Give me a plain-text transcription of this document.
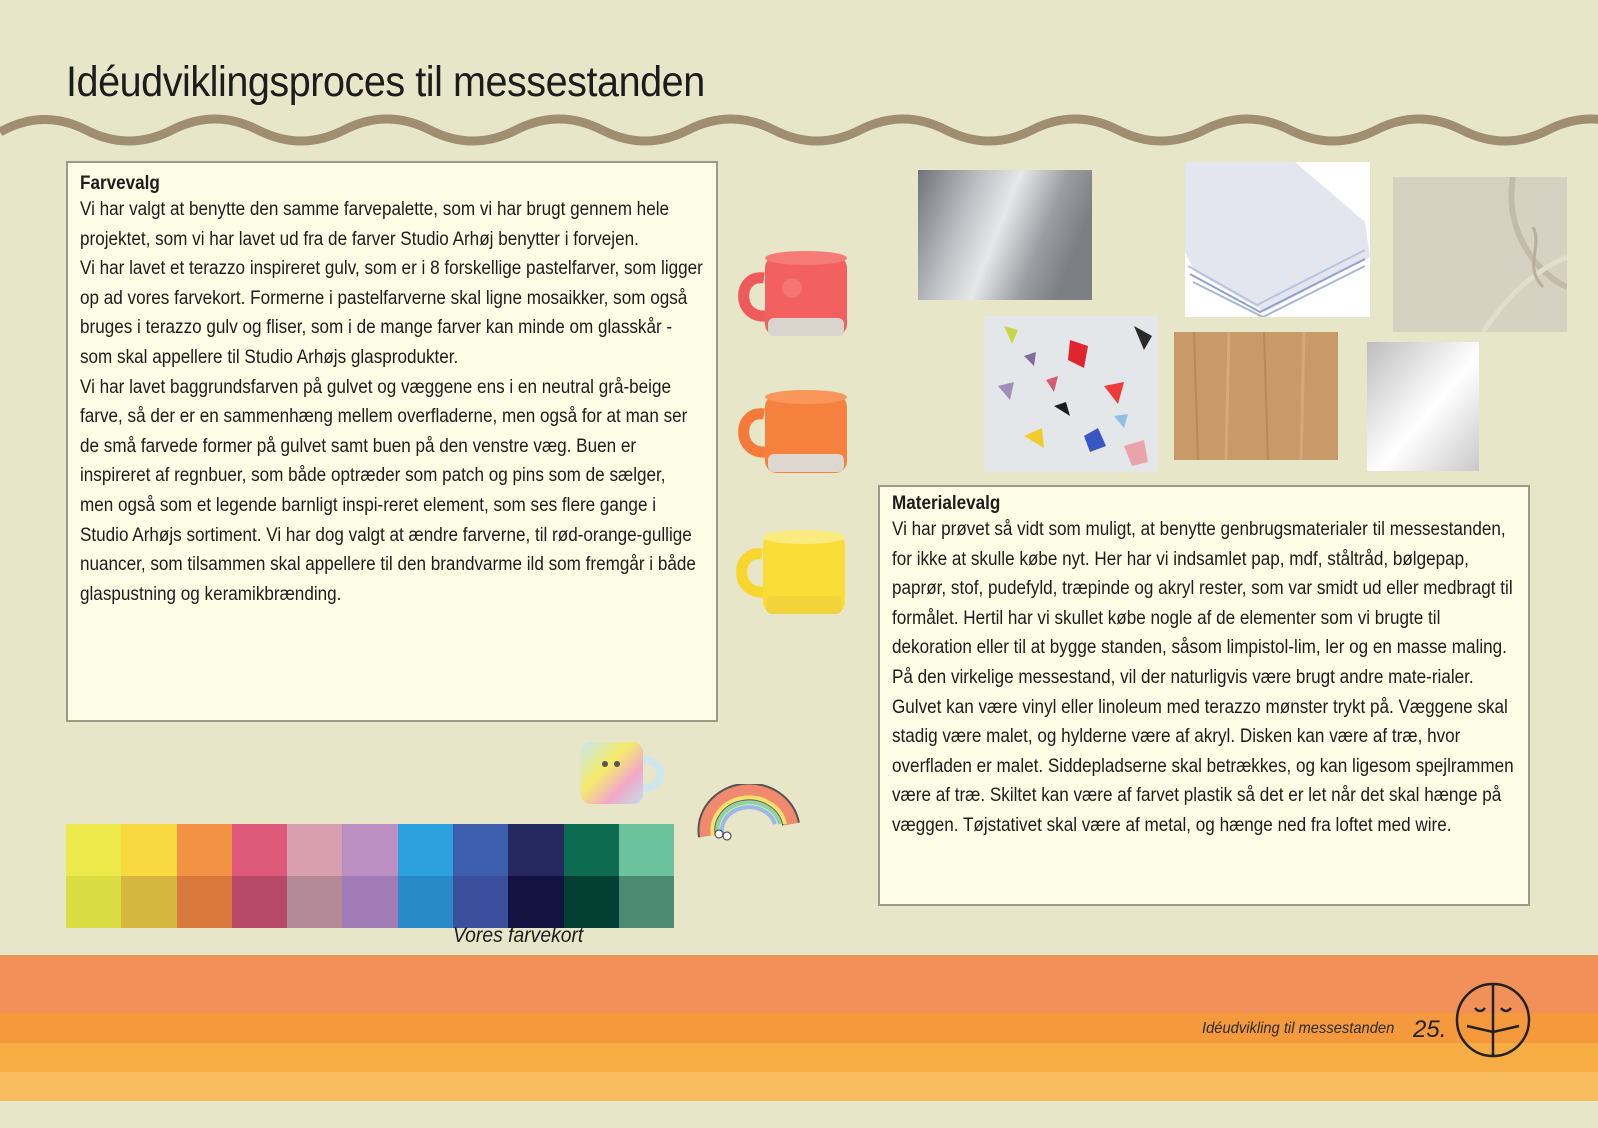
Idéudviklingsproces til messestanden
Farvevalg

Vi har valgt at benytte den samme farvepalette, som vi har brugt gennem hele projektet, som vi har lavet ud fra de farver Studio Arhøj benytter i forvejen.

Vi har lavet et terazzo inspireret gulv, som er i 8 forskellige pastelfarver, som ligger op ad vores farvekort. Formerne i pastelfarverne skal ligne mosaikker, som også bruges i terazzo gulv og fliser, som i de mange farver kan minde om glasskår - som skal appellere til Studio Arhøjs glasprodukter.

Vi har lavet baggrundsfarven på gulvet og væggene ens i en neutral grå-beige farve, så der er en sammenhæng mellem overfladerne, men også for at man ser de små farvede former på gulvet samt buen på den venstre væg. Buen er inspireret af regnbuer, som både optræder som patch og pins som de sælger, men også som et legende barnligt inspi-reret element, som ses flere gange i Studio Arhøjs sortiment. Vi har dog valgt at ændre farverne, til rød-orange-gullige nuancer, som tilsammen skal appellere til den brandvarme ild som fremgår i både glaspustning og keramikbrænding.

Materialevalg

Vi har prøvet så vidt som muligt, at benytte genbrugsmaterialer til messestanden, for ikke at skulle købe nyt. Her har vi indsamlet pap, mdf, ståltråd, bølgepap, paprør, stof, pudefyld, træpinde og akryl rester, som var smidt ud eller medbragt til formålet. Hertil har vi skullet købe nogle af de elementer som vi brugte til dekoration eller til at bygge standen, såsom limpistol-lim, ler og en masse maling.

På den virkelige messestand, vil der naturligvis være brugt andre mate-rialer. Gulvet kan være vinyl eller linoleum med terazzo mønster trykt på. Væggene skal stadig være malet, og hylderne være af akryl. Disken kan være af træ, hvor overfladen er malet. Siddepladserne skal betrækkes, og kan ligesom spejlrammen være af træ. Skiltet kan være af farvet plastik så det er let når det skal hænge på væggen. Tøjstativet skal være af metal, og hænge ned fra loftet med wire.

Vores farvekort
Idéudvikling til messestanden 25.
